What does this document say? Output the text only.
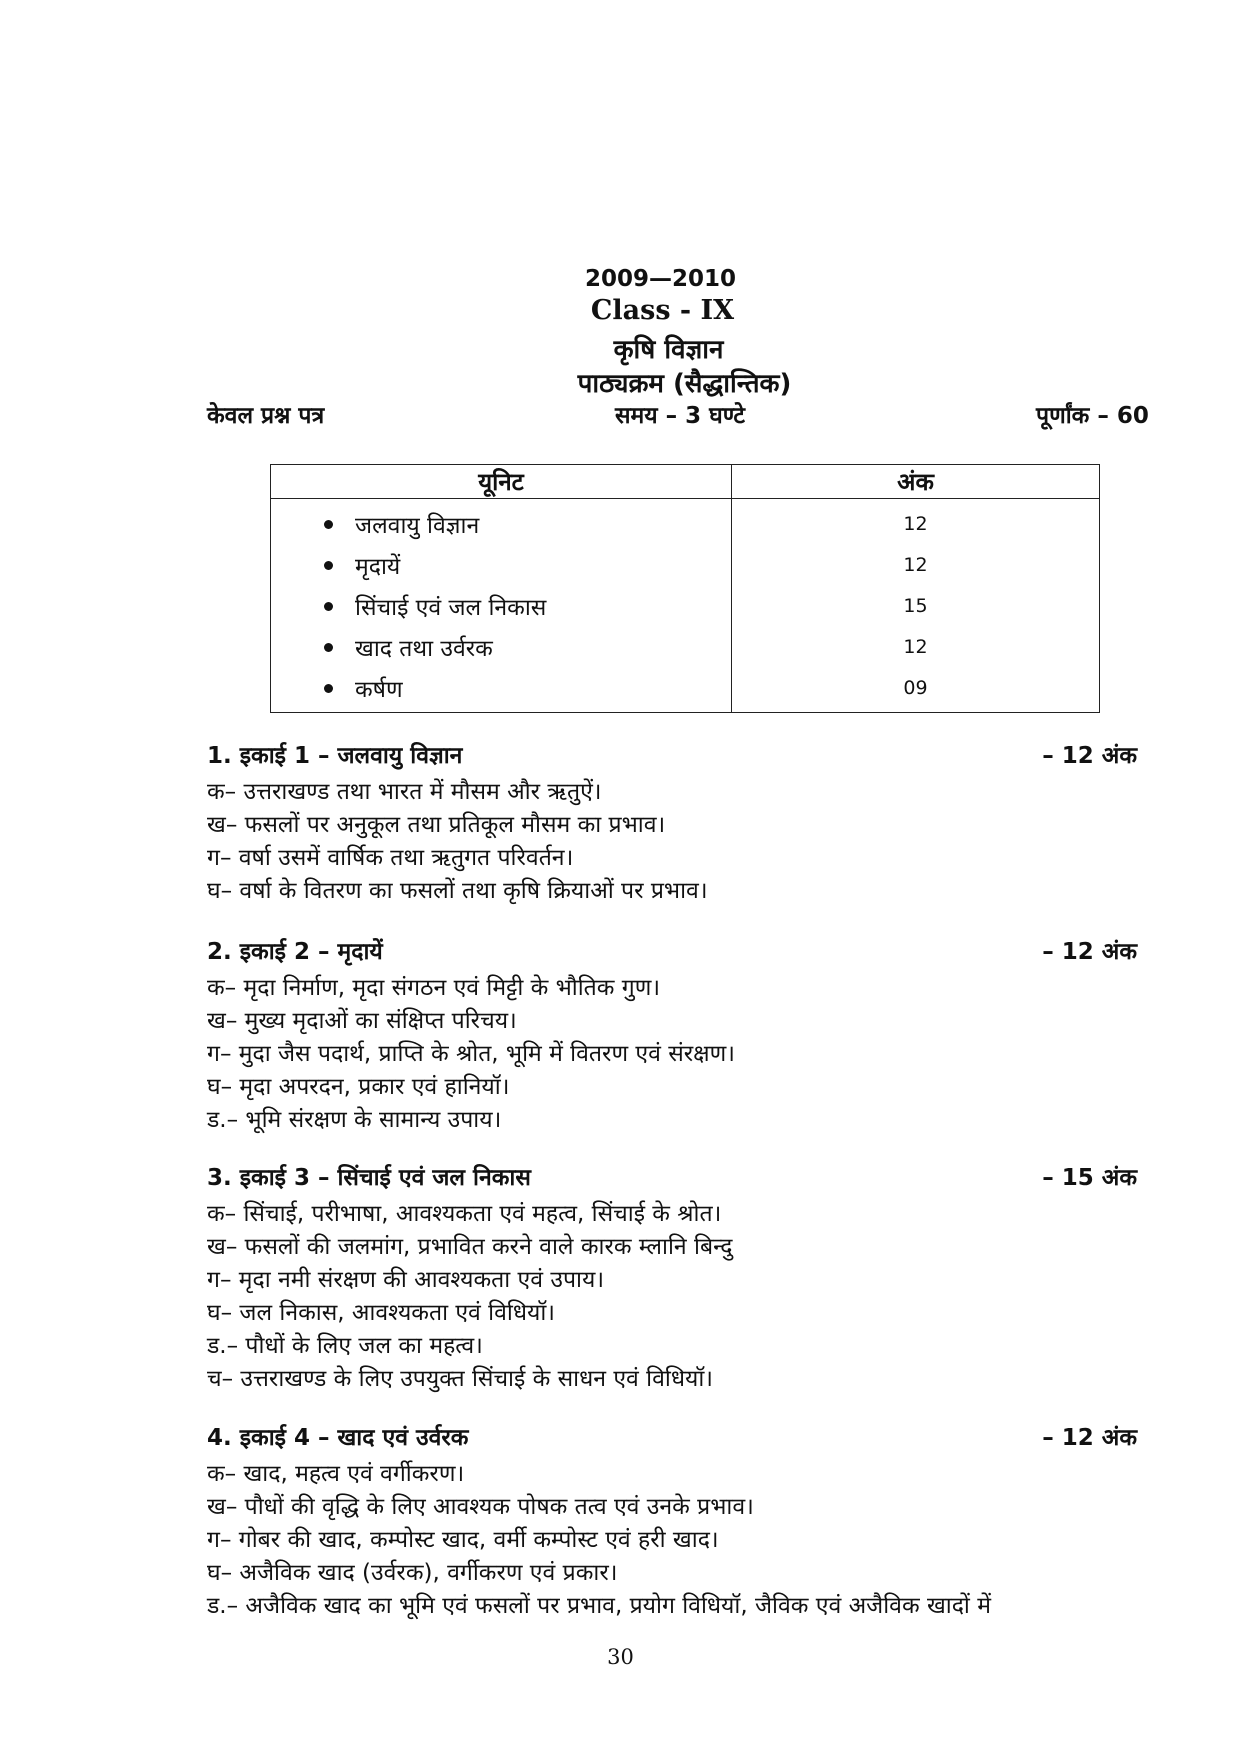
2009—2010
Class - IX
कृषि विज्ञान
पाठ्यक्रम (सैद्धान्तिक)
केवल प्रश्न पत्र	समय – 3 घण्टे	पूर्णांक – 60
यूनिट	अंक
जलवायु विज्ञान	12
मृदायें	12
सिंचाई एवं जल निकास	15
खाद तथा उर्वरक	12
कर्षण	09
1. इकाई 1 – जलवायु विज्ञान	– 12 अंक
क– उत्तराखण्ड तथा भारत में मौसम और ऋतुऐं।
ख– फसलों पर अनुकूल तथा प्रतिकूल मौसम का प्रभाव।
ग– वर्षा उसमें वार्षिक तथा ऋतुगत परिवर्तन।
घ– वर्षा के वितरण का फसलों तथा कृषि क्रियाओं पर प्रभाव।
2. इकाई 2 – मृदायें	– 12 अंक
क– मृदा निर्माण, मृदा संगठन एवं मिट्टी के भौतिक गुण।
ख– मुख्य मृदाओं का संक्षिप्त परिचय।
ग– मुदा जैस पदार्थ, प्राप्ति के श्रोत, भूमि में वितरण एवं संरक्षण।
घ– मृदा अपरदन, प्रकार एवं हानियॉ।
ड.– भूमि संरक्षण के सामान्य उपाय।
3. इकाई 3 – सिंचाई एवं जल निकास	– 15 अंक
क– सिंचाई, परीभाषा, आवश्यकता एवं महत्व, सिंचाई के श्रोत।
ख– फसलों की जलमांग, प्रभावित करने वाले कारक म्लानि बिन्दु
ग– मृदा नमी संरक्षण की आवश्यकता एवं उपाय।
घ– जल निकास, आवश्यकता एवं विधियॉ।
ड.– पौधों के लिए जल का महत्व।
च– उत्तराखण्ड के लिए उपयुक्त सिंचाई के साधन एवं विधियॉ।
4. इकाई 4 – खाद एवं उर्वरक	– 12 अंक
क– खाद, महत्व एवं वर्गीकरण।
ख– पौधों की वृद्धि के लिए आवश्यक पोषक तत्व एवं उनके प्रभाव।
ग– गोबर की खाद, कम्पोस्ट खाद, वर्मी कम्पोस्ट एवं हरी खाद।
घ– अजैविक खाद (उर्वरक), वर्गीकरण एवं प्रकार।
ड.– अजैविक खाद का भूमि एवं फसलों पर प्रभाव, प्रयोग विधियॉ, जैविक एवं अजैविक खादों में
30
